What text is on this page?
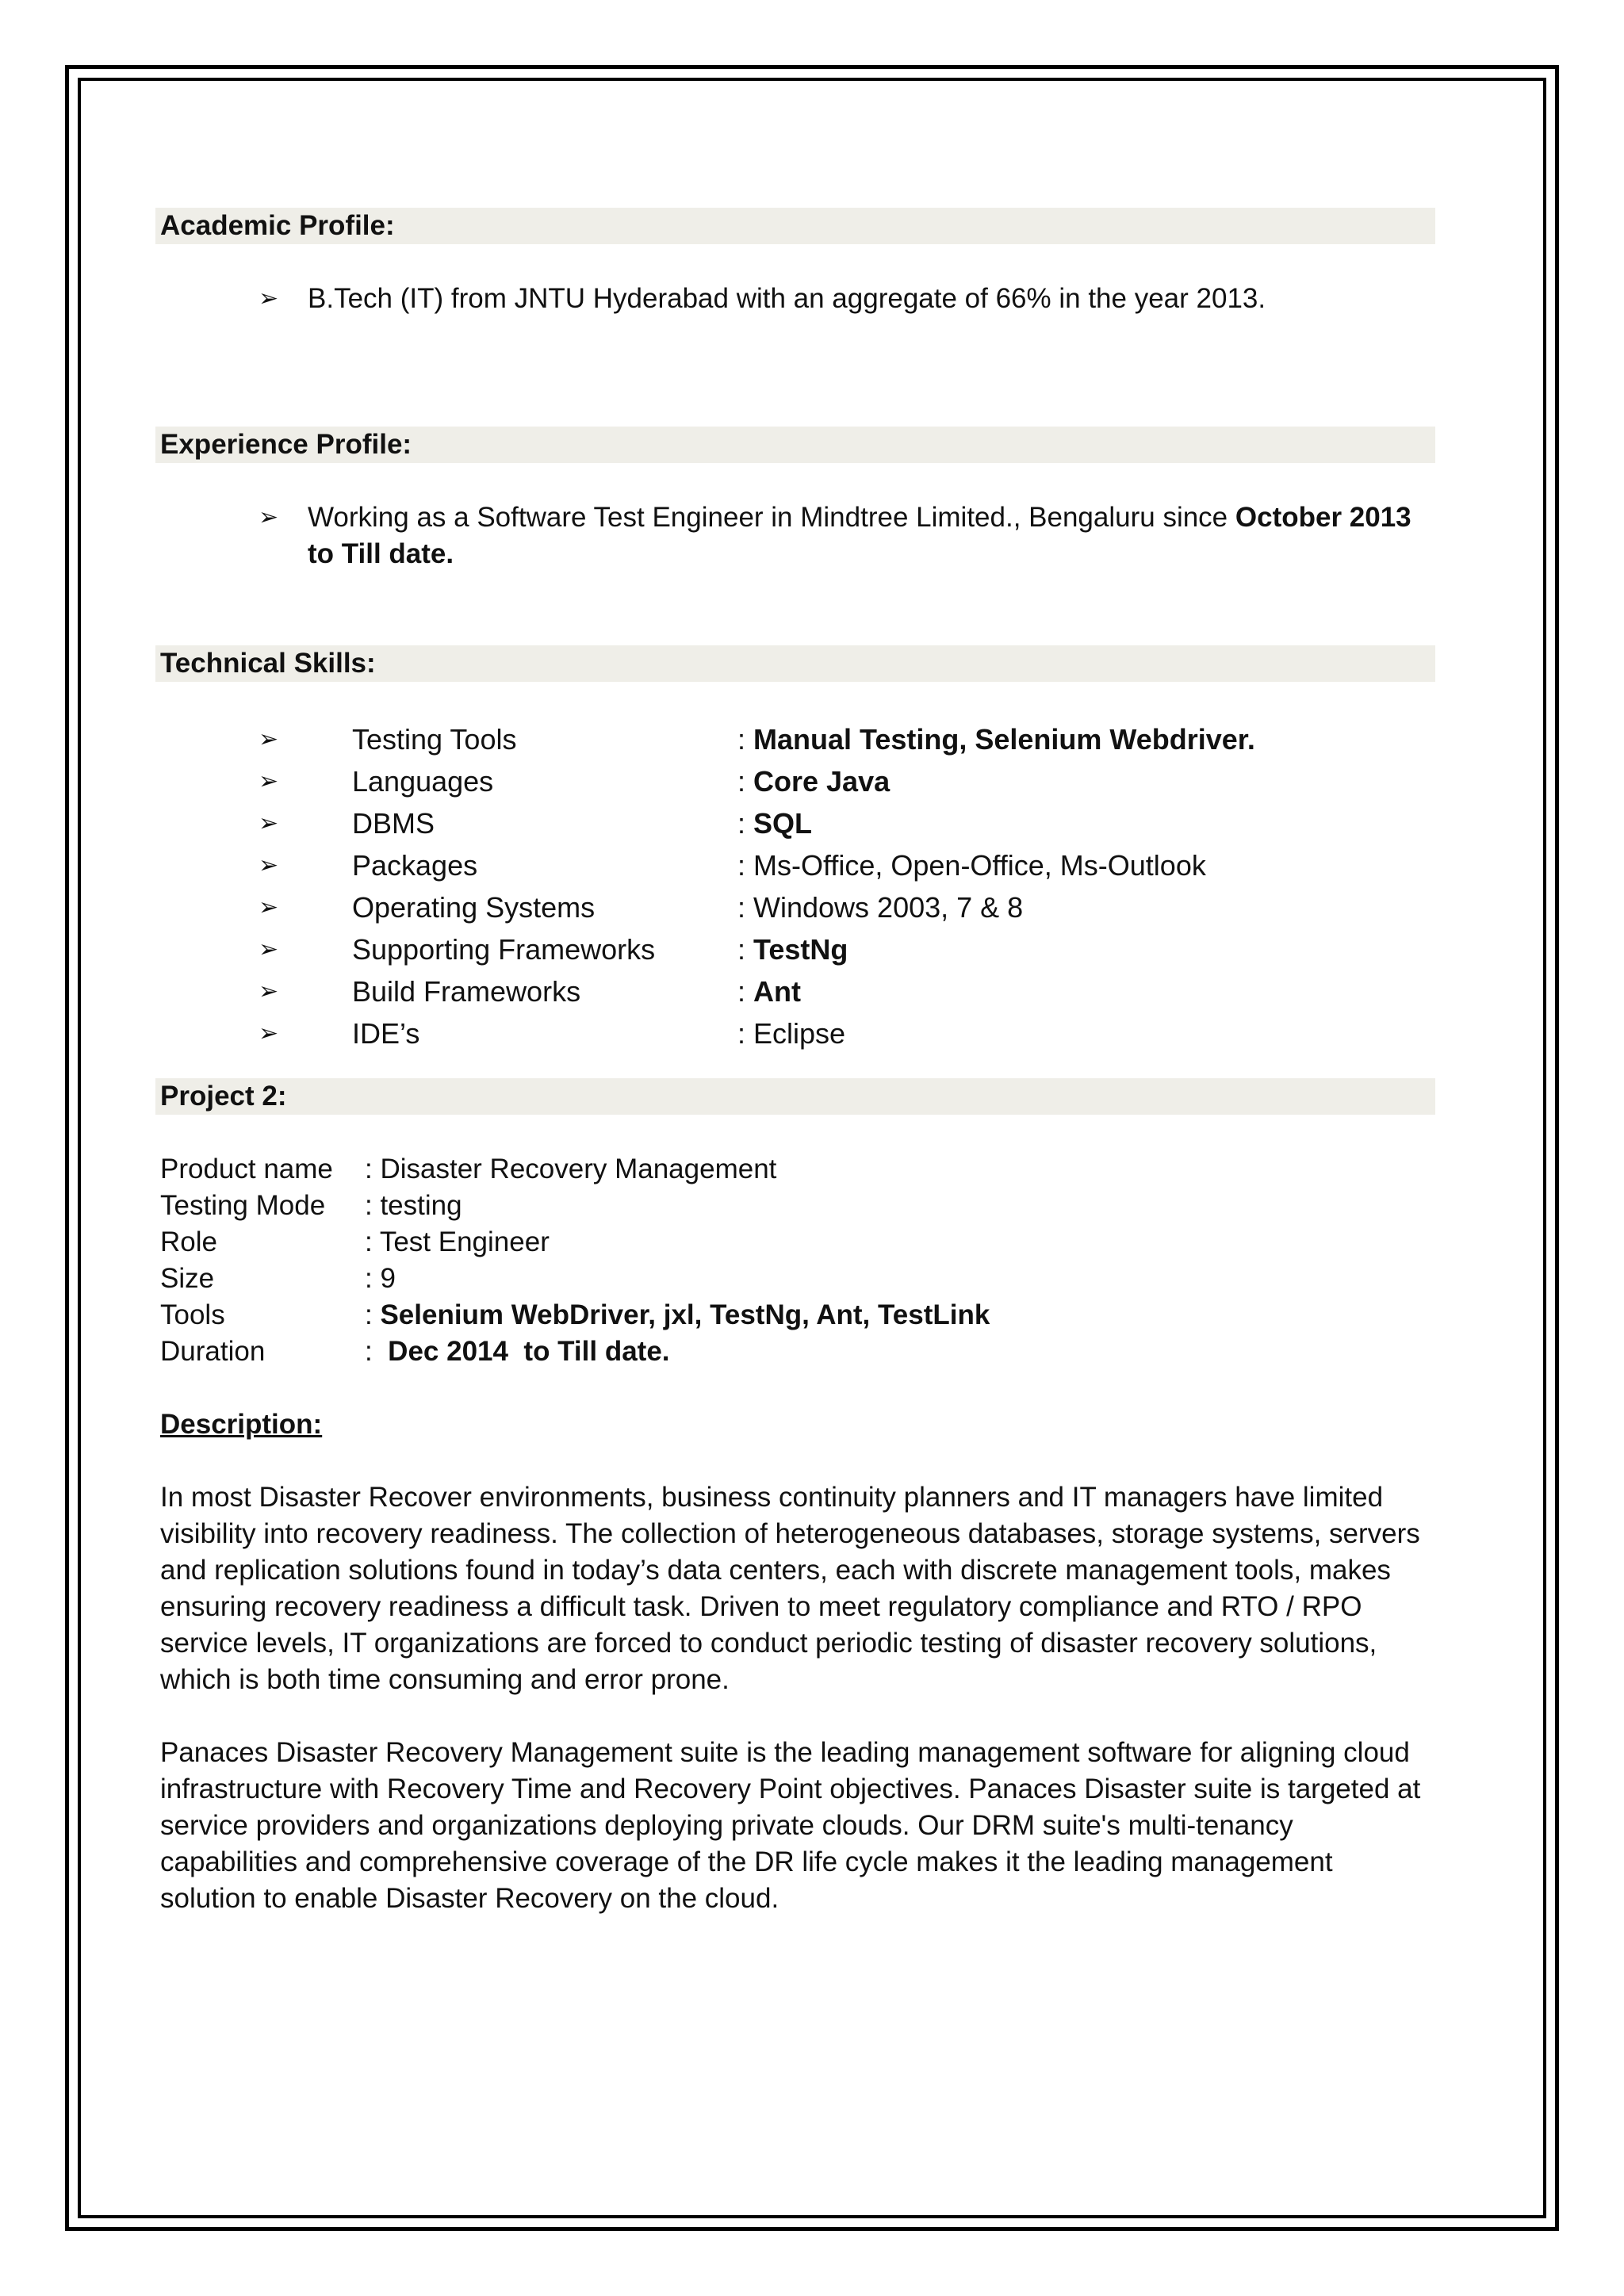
Academic Profile:
➢ B.Tech (IT) from JNTU Hyderabad with an aggregate of 66% in the year 2013.
Experience Profile:
➢ Working as a Software Test Engineer in Mindtree Limited., Bengaluru since October 2013 to Till date.
Technical Skills:
➢	Testing Tools	: Manual Testing, Selenium Webdriver.
➢	Languages	: Core Java
➢	DBMS	: SQL
➢	Packages	: Ms-Office, Open-Office, Ms-Outlook
➢	Operating Systems	: Windows 2003, 7 & 8
➢	Supporting Frameworks	: TestNg
➢	Build Frameworks	: Ant
➢	IDE’s	: Eclipse
Project 2:
Product name : Disaster Recovery Management
Testing Mode : testing
Role	: Test Engineer
Size	: 9
Tools	: Selenium WebDriver, jxl, TestNg, Ant, TestLink
Duration	:  Dec 2014  to Till date.
Description:
In most Disaster Recover environments, business continuity planners and IT managers have limited visibility into recovery readiness. The collection of heterogeneous databases, storage systems, servers and replication solutions found in today’s data centers, each with discrete management tools, makes ensuring recovery readiness a difficult task. Driven to meet regulatory compliance and RTO / RPO service levels, IT organizations are forced to conduct periodic testing of disaster recovery solutions, which is both time consuming and error prone.
Panaces Disaster Recovery Management suite is the leading management software for aligning cloud infrastructure with Recovery Time and Recovery Point objectives. Panaces Disaster suite is targeted at service providers and organizations deploying private clouds. Our DRM suite's multi-tenancy capabilities and comprehensive coverage of the DR life cycle makes it the leading management solution to enable Disaster Recovery on the cloud.
